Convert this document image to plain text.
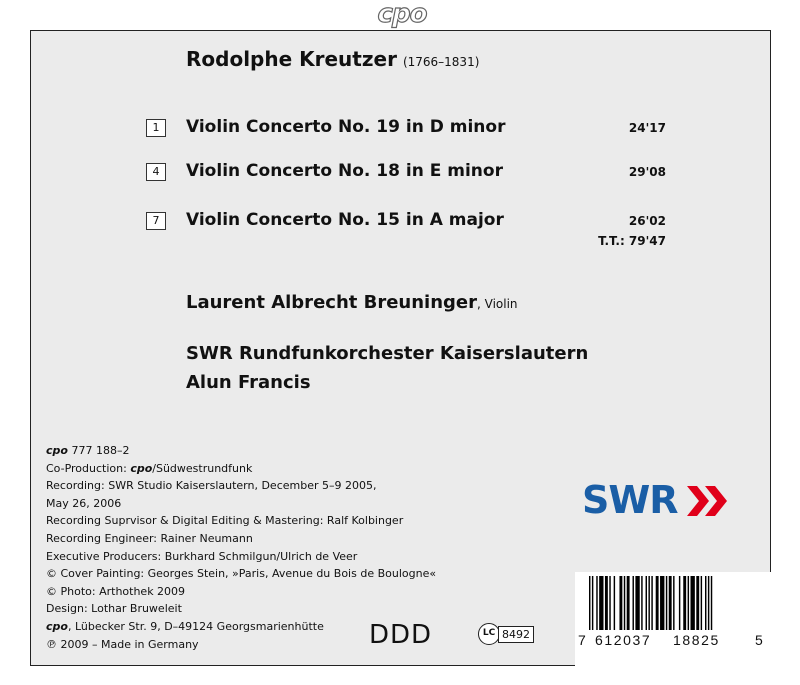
cpo
Rodolphe Kreutzer (1766–1831)
1	Violin Concerto No. 19 in D minor	24'17
4	Violin Concerto No. 18 in E minor	29'08
7	Violin Concerto No. 15 in A major	26'02
T.T.: 79'47
Laurent Albrecht Breuninger, Violin
SWR Rundfunkorchester Kaiserslautern
Alun Francis
cpo 777 188–2
Co-Production: cpo/Südwestrundfunk
Recording: SWR Studio Kaiserslautern, December 5–9 2005,
May 26, 2006
Recording Suprvisor & Digital Editing & Mastering: Ralf Kolbinger
Recording Engineer: Rainer Neumann
Executive Producers: Burkhard Schmilgun/Ulrich de Veer
© Cover Painting: Georges Stein, »Paris, Avenue du Bois de Boulogne«
© Photo: Arthothek 2009
Design: Lothar Bruweleit
cpo, Lübecker Str. 9, D–49124 Georgsmarienhütte
℗ 2009 – Made in Germany
SWR
DDD	LC 8492	7 612037 18825	5
